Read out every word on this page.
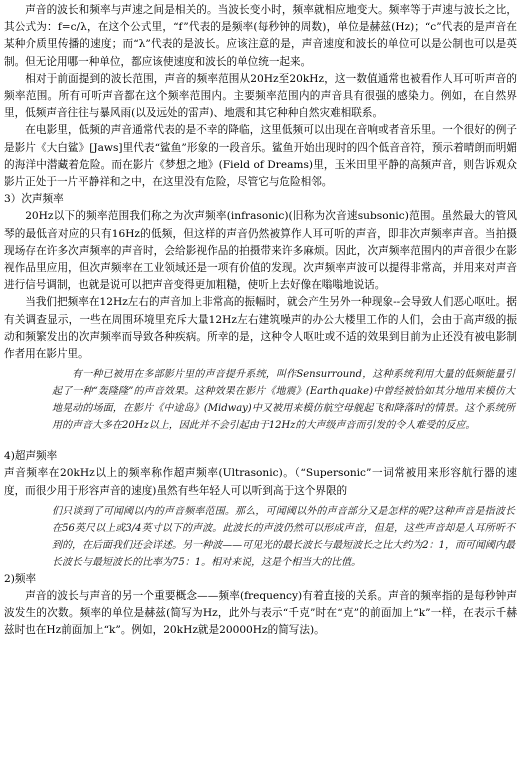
声音的波长和频率与声速之间是相关的。当波长变小时，频率就相应地变大。频率等于声速与波长之比，其公式为：f=c/λ，在这个公式里，“f”代表的是频率(每秒钟的周数)，单位是赫兹(Hz)；“c”代表的是声音在某种介质里传播的速度；而“λ”代表的是波长。应该注意的是，声音速度和波长的单位可以是公制也可以是英制。但无论用哪一种单位，都应该使速度和波长的单位统一起来。

相对于前面提到的波长范围，声音的频率范围从20Hz至20kHz，这一数值通常也被看作人耳可听声音的频率范围。所有可听声音都在这个频率范围内。主要频率范围内的声音具有很强的感染力。例如，在自然界里，低频声音往往与暴风雨(以及远处的雷声)、地震和其它种种自然灾难相联系。

在电影里，低频的声音通常代表的是不幸的降临，这里低频可以出现在音响或者音乐里。一个很好的例子是影片《大白鲨》[Jaws]里代表“鲨鱼”形象的一段音乐。鲨鱼开始出现时的四个低音音符，预示着晴朗而明媚的海洋中潜藏着危险。而在影片《梦想之地》(Field of Dreams)里，玉米田里平静的高频声音，则告诉观众影片正处于一片平静祥和之中，在这里没有危险，尽管它与危险相邻。

3）次声频率

20Hz以下的频率范围我们称之为次声频率(infrasonic)(旧称为次音速subsonic)范围。虽然最大的管风琴的最低音对应的只有16Hz的低频，但这样的声音仍然被算作人耳可听的声音，即非次声频率声音。当拍摄现场存在许多次声频率的声音时，会给影视作品的拍摄带来许多麻烦。因此，次声频率范围内的声音很少在影视作品里应用，但次声频率在工业领域还是一项有价值的发现。次声频率声波可以提得非常高，并用来对声音进行信号调制，也就是说可以把声音变得更加粗糙，使听上去好像在嗡嗡地说话。

当我们把频率在12Hz左右的声音加上非常高的振幅时，就会产生另外一种现象--会导致人们恶心呕吐。据有关调查显示，一些在周围环境里充斥大量12Hz左右建筑噪声的办公大楼里工作的人们，会由于高声级的振动和频繁发出的次声频率而导致各种疾病。所幸的是，这种令人呕吐或不适的效果到目前为止还没有被电影制作者用在影片里。

有一种已被用在多部影片里的声音提升系统，叫作Sensurround，这种系统利用大量的低频能量引起了一种“轰隆隆”的声音效果。这种效果在影片《地震》(Earthquake)中曾经被恰如其分地用来模仿大地晃动的场面，在影片《中途岛》(Midway)中又被用来模仿航空母舰起飞和降落时的情景。这个系统所用的声音大多在20Hz以上，因此并不会引起由于12Hz的大声级声音而引发的令人难受的反应。

4)超声频率

声音频率在20kHz以上的频率称作超声频率(Ultrasonic)。（“Supersonic”一词常被用来形容航行器的速度，而很少用于形容声音的速度)虽然有些年轻人可以听到高于这个界限的

们只谈到了可闻阈以内的声音频率范围。那么，可闻阈以外的声音部分又是怎样的呢?这种声音是指波长在56英尺以上或3/4英寸以下的声波。此波长的声波仍然可以形成声音，但是，这些声音却是人耳所听不到的，在后面我们还会详述。另一种波——可见光的最长波长与最短波长之比大约为2：1，而可闻阈内最长波长与最短波长的比率为75：1。相对来说，这是个相当大的比值。

2)频率

声音的波长与声音的另一个重要概念——频率(frequency)有着直接的关系。声音的频率指的是每秒钟声波发生的次数。频率的单位是赫兹(简写为Hz，此外与表示“千克”时在“克”的前面加上“k”一样，在表示千赫兹时也在Hz前面加上“k”。例如，20kHz就是20000Hz的简写法)。
